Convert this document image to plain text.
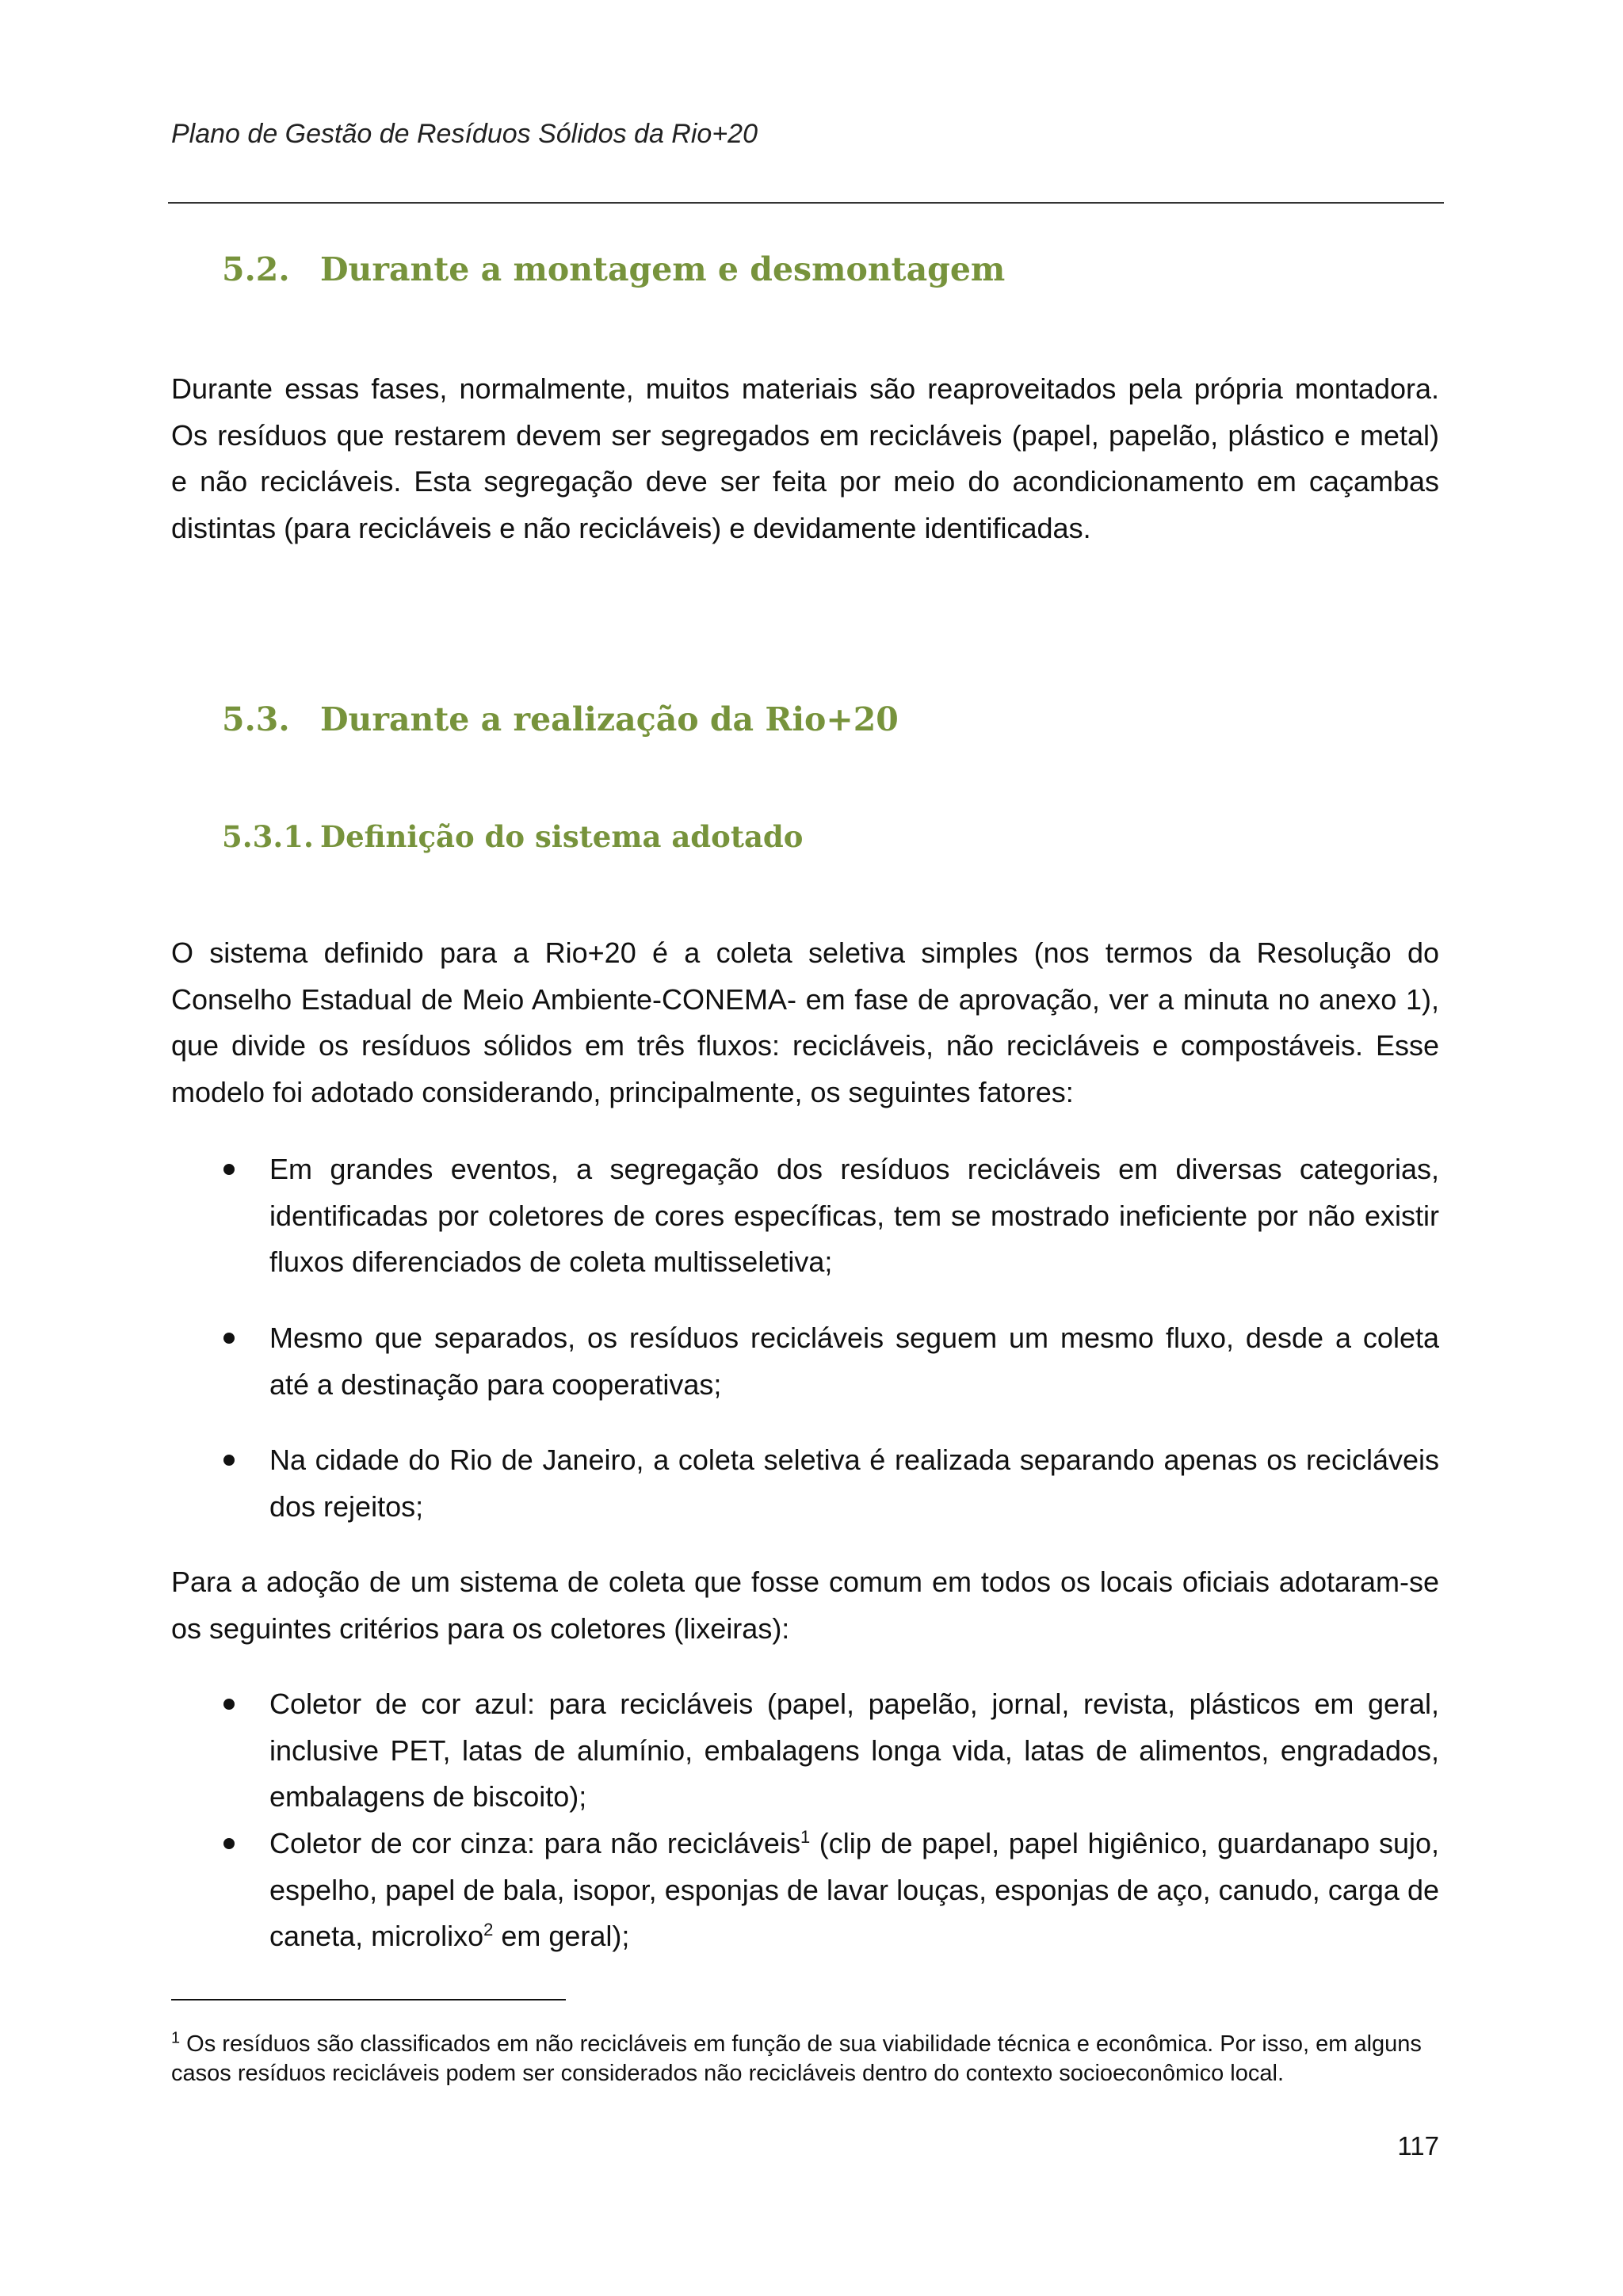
Plano de Gestão de Resíduos Sólidos da Rio+20
5.2. Durante a montagem e desmontagem

Durante essas fases, normalmente, muitos materiais são reaproveitados pela própria montadora. Os resíduos que restarem devem ser segregados em recicláveis (papel, papelão, plástico e metal) e não recicláveis. Esta segregação deve ser feita por meio do acondicionamento em caçambas distintas (para recicláveis e não recicláveis) e devidamente identificadas.

5.3. Durante a realização da Rio+20
5.3.1. Definição do sistema adotado

O sistema definido para a Rio+20 é a coleta seletiva simples (nos termos da Resolução do Conselho Estadual de Meio Ambiente-CONEMA- em fase de aprovação, ver a minuta no anexo 1), que divide os resíduos sólidos em três fluxos: recicláveis, não recicláveis e compostáveis. Esse modelo foi adotado considerando, principalmente, os seguintes fatores:

Em grandes eventos, a segregação dos resíduos recicláveis em diversas categorias, identificadas por coletores de cores específicas, tem se mostrado ineficiente por não existir fluxos diferenciados de coleta multisseletiva;
Mesmo que separados, os resíduos recicláveis seguem um mesmo fluxo, desde a coleta até a destinação para cooperativas;
Na cidade do Rio de Janeiro, a coleta seletiva é realizada separando apenas os recicláveis dos rejeitos;

Para a adoção de um sistema de coleta que fosse comum em todos os locais oficiais adotaram-se os seguintes critérios para os coletores (lixeiras):

Coletor de cor azul: para recicláveis (papel, papelão, jornal, revista, plásticos em geral, inclusive PET, latas de alumínio, embalagens longa vida, latas de alimentos, engradados, embalagens de biscoito);
Coletor de cor cinza: para não recicláveis$^1$ (clip de papel, papel higiênico, guardanapo sujo, espelho, papel de bala, isopor, esponjas de lavar louças, esponjas de aço, canudo, carga de caneta, microlixo$^2$ em geral);
$^1$ Os resíduos são classificados em não recicláveis em função de sua viabilidade técnica e econômica. Por isso, em alguns casos resíduos recicláveis podem ser considerados não recicláveis dentro do contexto socioeconômico local.
117
